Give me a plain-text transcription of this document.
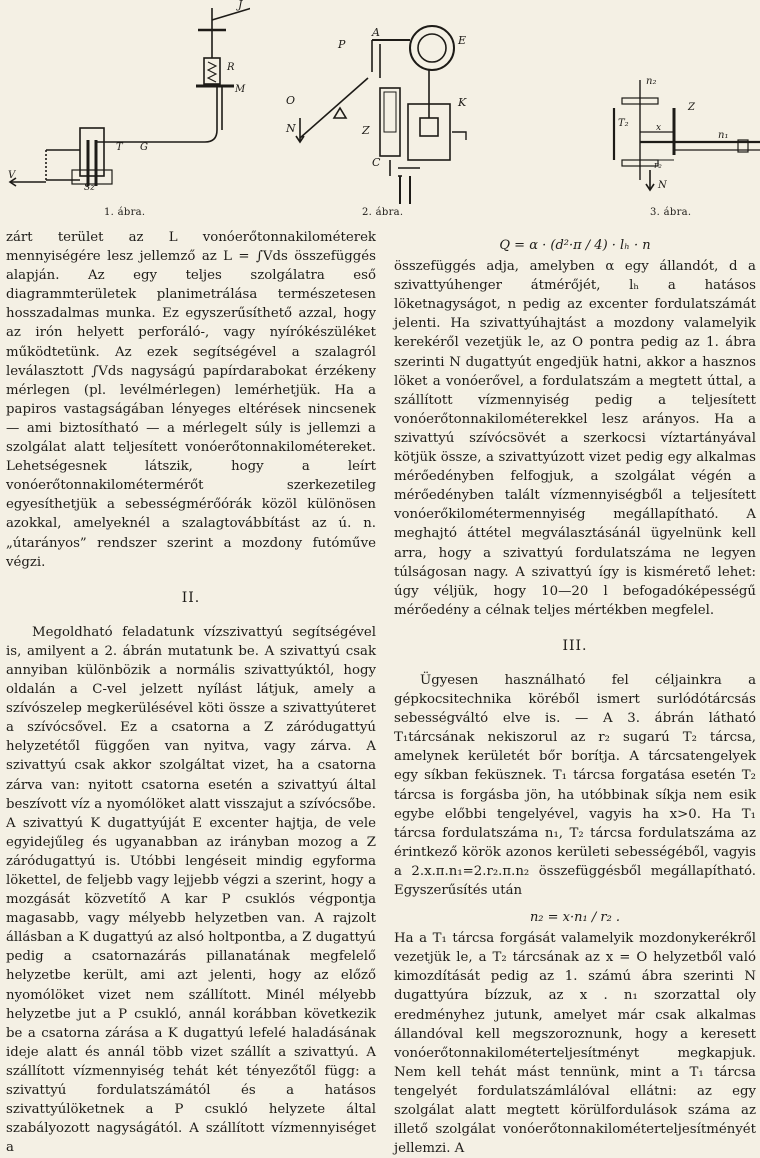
J
R
M
T G
V
Sz
1. ábra.
P
A
E
O
N	Z
K
C
2. ábra.
n₂
T₂
Z
x
r₂
n₁
N
3. ábra.

zárt terület az L vonóerőtonnakilométerek mennyiségére lesz jellemző az L = ∫Vds összefüggés alapján. Az egy teljes szolgálatra eső diagrammterületek planimetrálása természetesen hosszadalmas munka. Ez egyszerűsíthető azzal, hogy az irón helyett perforáló-, vagy nyírókészüléket működtetünk. Az ezek segítségével a szalagról leválasztott ∫Vds nagyságú papírdarabokat érzékeny mérlegen (pl. levélmérlegen) lemérhetjük. Ha a papiros vastagságában lényeges eltérések nincsenek — ami biztosítható — a mérlegelt súly is jellemzi a szolgálat alatt teljesített vonóerőtonnakilométereket. Lehetségesnek látszik, hogy a leírt vonóerőtonnakilométermérőt szerkezetileg egyesíthetjük a sebességmérőórák közöl különösen azokkal, amelyeknél a szalagtovábbítást az ú. n. „útarányos” rendszer szerint a mozdony futóműve végzi.

II.

Megoldható feladatunk vízszivattyú segítségével is, amilyent a 2. ábrán mutatunk be. A szivattyú csak annyiban különbözik a normális szivattyúktól, hogy oldalán a C-vel jelzett nyílást látjuk, amely a szívószelep megkerülésével köti össze a szivattyúteret a szívócsővel. Ez a csatorna a Z záródugattyú helyzetétől függően van nyitva, vagy zárva. A szivattyú csak akkor szolgáltat vizet, ha a csatorna zárva van: nyitott csatorna esetén a szivattyú által beszívott víz a nyomólöket alatt visszajut a szívócsőbe. A szivattyú K dugattyúját E excenter hajtja, de vele egyidejűleg és ugyanabban az irányban mozog a Z záródugattyú is. Utóbbi lengéseit mindig egyforma lökettel, de feljebb vagy lejjebb végzi a szerint, hogy a mozgását közvetítő A kar P csuklós végpontja magasabb, vagy mélyebb helyzetben van. A rajzolt állásban a K dugattyú az alsó holtpontba, a Z dugattyú pedig a csatornazárás pillanatának megfelelő helyzetbe került, ami azt jelenti, hogy az előző nyomólöket vizet nem szállított. Minél mélyebb helyzetbe jut a P csukló, annál korábban következik be a csatorna zárása a K dugattyú lefelé haladásának ideje alatt és annál több vizet szállít a szivattyú. A szállított vízmennyiség tehát két tényezőtől függ: a szivattyú fordulatszámától és a hatásos szivattyúlöketnek a P csukló helyzete által szabályozott nagyságától. A szállított vízmennyiséget a

Q = α · (d²·π / 4) · lₕ · n

összefüggés adja, amelyben α egy állandót, d a szivattyúhenger átmérőjét, lₕ a hatásos löketnagyságot, n pedig az excenter fordulatszámát jelenti. Ha szivattyúhajtást a mozdony valamelyik kerekéről vezetjük le, az O pontra pedig az 1. ábra szerinti N dugattyút engedjük hatni, akkor a hasznos löket a vonóerővel, a fordulatszám a megtett úttal, a szállított vízmennyiség pedig a teljesített vonóerőtonnakilométerekkel lesz arányos. Ha a szivattyú szívócsövét a szerkocsi víztartányával kötjük össze, a szivattyúzott vizet pedig egy alkalmas mérőedényben felfogjuk, a szolgálat végén a mérőedényben talált vízmennyiségből a teljesített vonóerőkilométermennyiség megállapítható. A meghajtó áttétel megválasztásánál ügyelnünk kell arra, hogy a szivattyú fordulatszáma ne legyen túlságosan nagy. A szivattyú így is kismérető lehet: úgy véljük, hogy 10—20 l befogadóképességű mérőedény a célnak teljes mértékben megfelel.

III.

Ügyesen használható fel céljainkra a gépkocsitechnika köréből ismert surlódótárcsás sebességváltó elve is. — A 3. ábrán látható T₁tárcsának nekiszorul az r₂ sugarú T₂ tárcsa, amelynek kerületét bőr borítja. A tárcsatengelyek egy síkban feküsznek. T₁ tárcsa forgatása esetén T₂ tárcsa is forgásba jön, ha utóbbinak síkja nem esik egybe előbbi tengelyével, vagyis ha x>0. Ha T₁ tárcsa fordulatszáma n₁, T₂ tárcsa fordulatszáma az érintkező körök azonos kerületi sebességéből, vagyis a 2.x.π.n₁=2.r₂.π.n₂ összefüggésből megállapítható. Egyszerűsítés után

n₂ = x·n₁ / r₂ .

Ha a T₁ tárcsa forgását valamelyik mozdonykerékről vezetjük le, a T₂ tárcsának az x = O helyzetből való kimozdítását pedig az 1. számú ábra szerinti N dugattyúra bízzuk, az x . n₁ szorzattal oly eredményhez jutunk, amelyet már csak alkalmas állandóval kell megszoroznunk, hogy a keresett vonóerőtonnakilométerteljesítményt megkapjuk. Nem kell tehát mást tennünk, mint a T₁ tárcsa tengelyét fordulatszámlálóval ellátni: az egy szolgálat alatt megtett körülfordulások száma az illető szolgálat vonóerőtonnakilométerteljesítményét jellemzi. A
